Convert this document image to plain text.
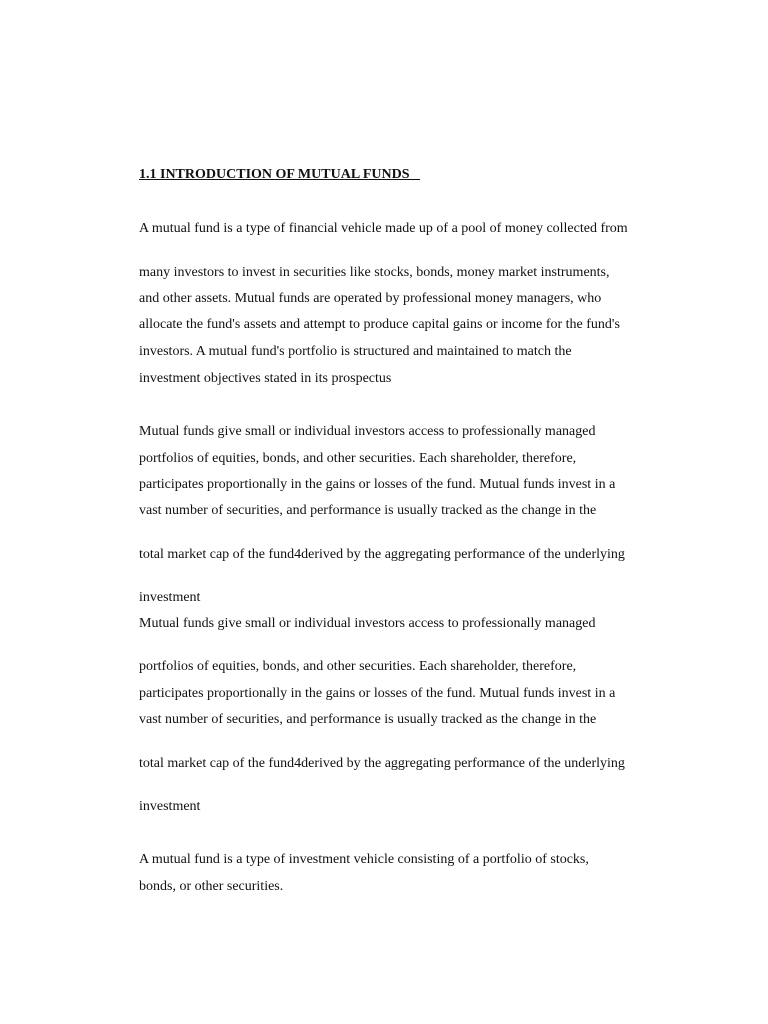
1.1 INTRODUCTION OF MUTUAL FUNDS
A mutual fund is a type of financial vehicle made up of a pool of money collected from
many investors to invest in securities like stocks, bonds, money market instruments,
and other assets. Mutual funds are operated by professional money managers, who
allocate the fund's assets and attempt to produce capital gains or income for the fund's
investors. A mutual fund's portfolio is structured and maintained to match the
investment objectives stated in its prospectus
Mutual funds give small or individual investors access to professionally managed
portfolios of equities, bonds, and other securities. Each shareholder, therefore,
participates proportionally in the gains or losses of the fund. Mutual funds invest in a
vast number of securities, and performance is usually tracked as the change in the
total market cap of the fund4derived by the aggregating performance of the underlying
investment
Mutual funds give small or individual investors access to professionally managed
portfolios of equities, bonds, and other securities. Each shareholder, therefore,
participates proportionally in the gains or losses of the fund. Mutual funds invest in a
vast number of securities, and performance is usually tracked as the change in the
total market cap of the fund4derived by the aggregating performance of the underlying
investment
A mutual fund is a type of investment vehicle consisting of a portfolio of stocks,
bonds, or other securities.
